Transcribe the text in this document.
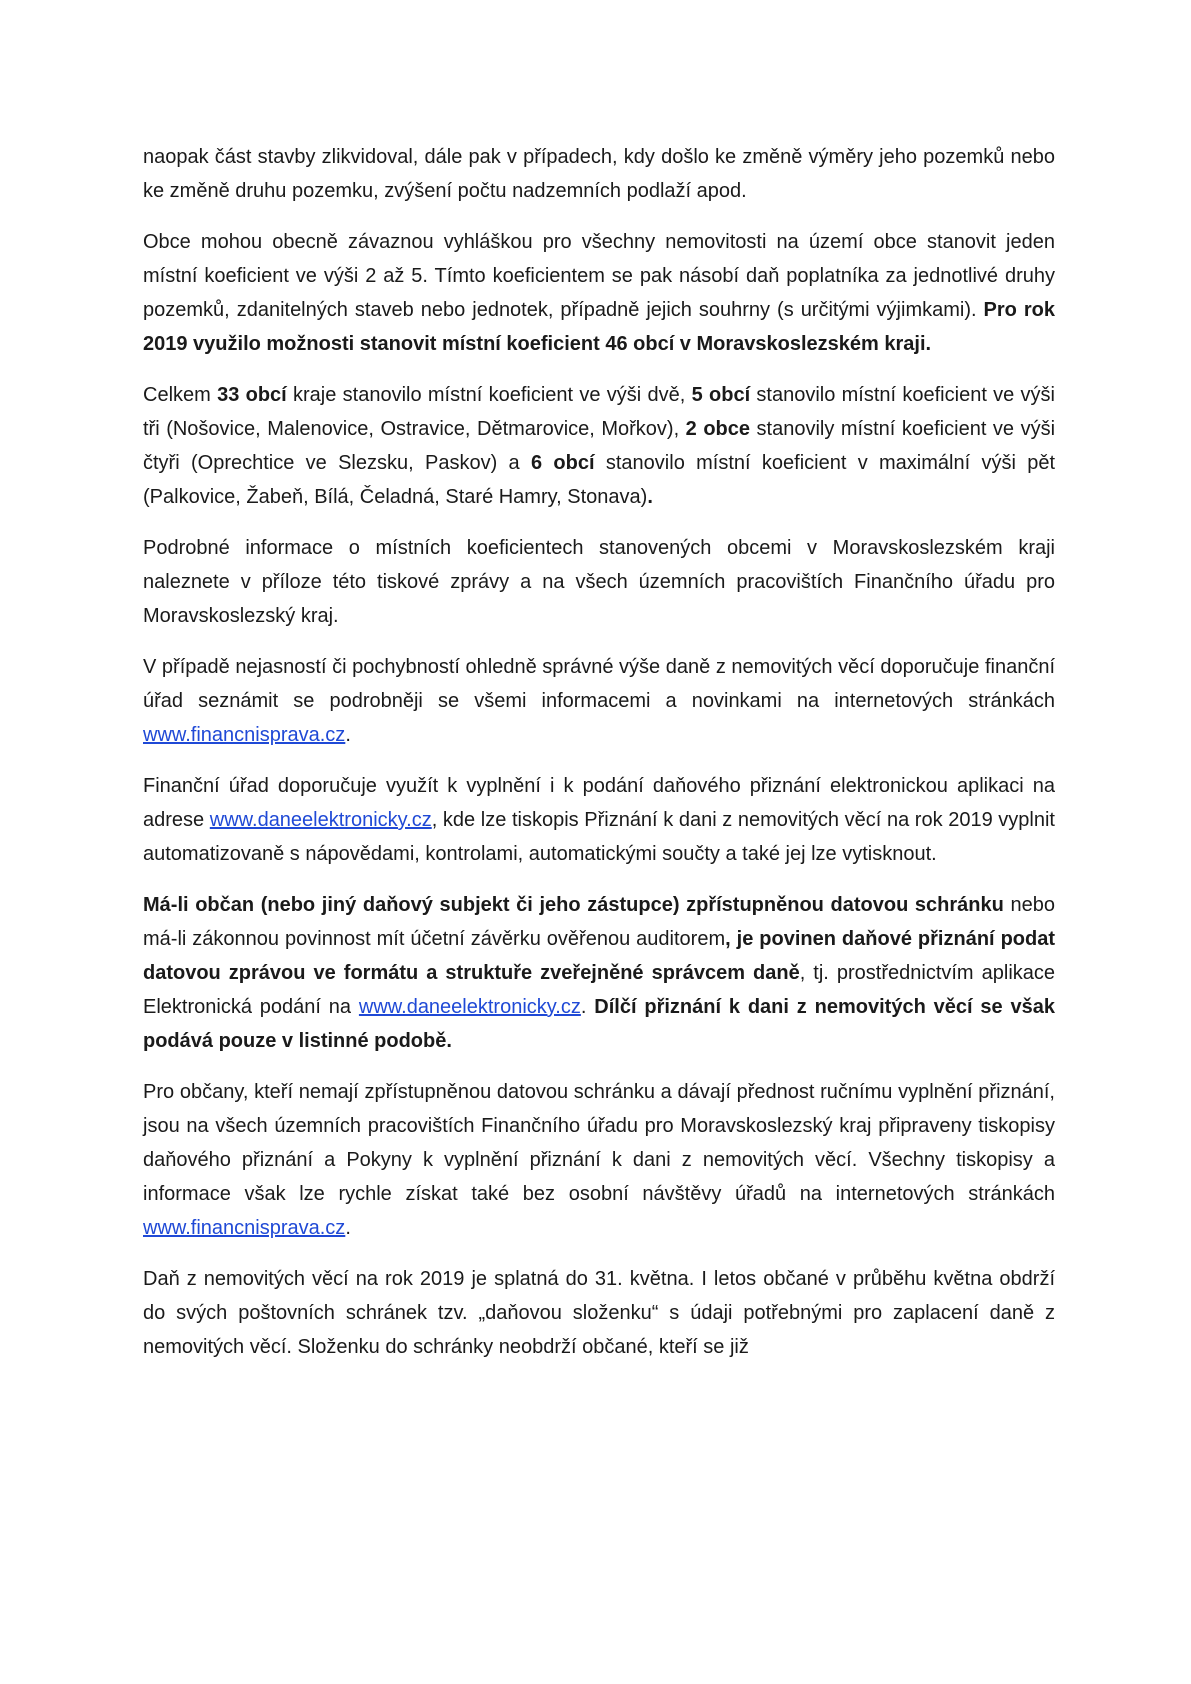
naopak část stavby zlikvidoval, dále pak v případech, kdy došlo ke změně výměry jeho pozemků nebo ke změně druhu pozemku, zvýšení počtu nadzemních podlaží apod.

Obce mohou obecně závaznou vyhláškou pro všechny nemovitosti na území obce stanovit jeden místní koeficient ve výši 2 až 5. Tímto koeficientem se pak násobí daň poplatníka za jednotlivé druhy pozemků, zdanitelných staveb nebo jednotek, případně jejich souhrny (s určitými výjimkami). Pro rok 2019 využilo možnosti stanovit místní koeficient 46 obcí v Moravskoslezském kraji.

Celkem 33 obcí kraje stanovilo místní koeficient ve výši dvě, 5 obcí stanovilo místní koeficient ve výši tři (Nošovice, Malenovice, Ostravice, Dětmarovice, Mořkov), 2 obce stanovily místní koeficient ve výši čtyři (Oprechtice ve Slezsku, Paskov) a 6 obcí stanovilo místní koeficient v maximální výši pět (Palkovice, Žabeň, Bílá, Čeladná, Staré Hamry, Stonava).

Podrobné informace o místních koeficientech stanovených obcemi v Moravskoslezském kraji naleznete v příloze této tiskové zprávy a na všech územních pracovištích Finančního úřadu pro Moravskoslezský kraj.

V případě nejasností či pochybností ohledně správné výše daně z nemovitých věcí doporučuje finanční úřad seznámit se podrobněji se všemi informacemi a novinkami na internetových stránkách www.financnisprava.cz.

Finanční úřad doporučuje využít k vyplnění i k podání daňového přiznání elektronickou aplikaci na adrese www.daneelektronicky.cz, kde lze tiskopis Přiznání k dani z nemovitých věcí na rok 2019 vyplnit automatizovaně s nápovědami, kontrolami, automatickými součty a také jej lze vytisknout.

Má-li občan (nebo jiný daňový subjekt či jeho zástupce) zpřístupněnou datovou schránku nebo má-li zákonnou povinnost mít účetní závěrku ověřenou auditorem, je povinen daňové přiznání podat datovou zprávou ve formátu a struktuře zveřejněné správcem daně, tj. prostřednictvím aplikace Elektronická podání na www.daneelektronicky.cz. Dílčí přiznání k dani z nemovitých věcí se však podává pouze v listinné podobě.

Pro občany, kteří nemají zpřístupněnou datovou schránku a dávají přednost ručnímu vyplnění přiznání, jsou na všech územních pracovištích Finančního úřadu pro Moravskoslezský kraj připraveny tiskopisy daňového přiznání a Pokyny k vyplnění přiznání k dani z nemovitých věcí. Všechny tiskopisy a informace však lze rychle získat také bez osobní návštěvy úřadů na internetových stránkách www.financnisprava.cz.

Daň z nemovitých věcí na rok 2019 je splatná do 31. května. I letos občané v průběhu května obdrží do svých poštovních schránek tzv. „daňovou složenku“ s údaji potřebnými pro zaplacení daně z nemovitých věcí. Složenku do schránky neobdrží občané, kteří se již
